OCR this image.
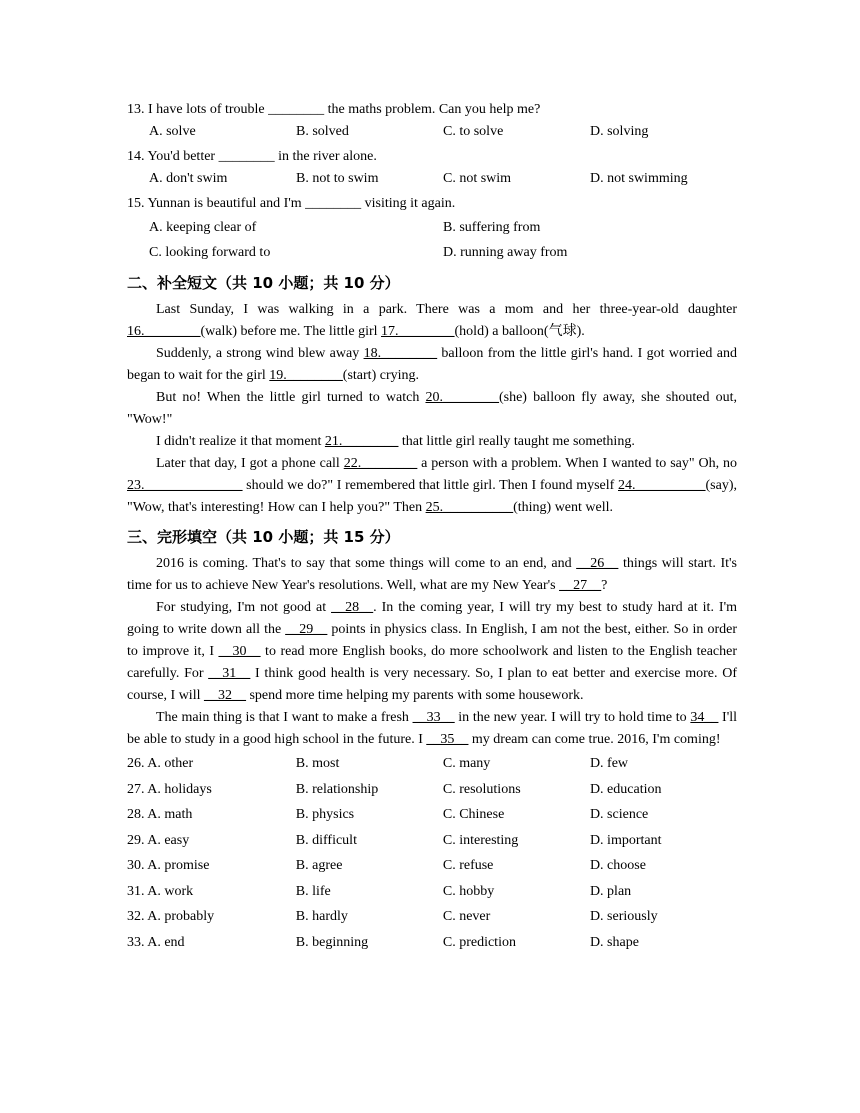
13. I have lots of trouble ________ the maths problem. Can you help me?

A. solve	B. solved	C. to solve	D. solving

14. You'd better ________ in the river alone.

A. don't swim	B. not to swim	C. not swim	D. not swimming

15. Yunnan is beautiful and I'm ________ visiting it again.

A. keeping clear of	B. suffering from
C. looking forward to	D. running away from
二、补全短文（共 10 小题；共 10 分）

Last Sunday, I was walking in a park. There was a mom and her three-year-old daughter 16.________(walk) before me. The little girl 17.________(hold) a balloon(气球).

Suddenly, a strong wind blew away 18.________ balloon from the little girl's hand. I got worried and began to wait for the girl 19.________(start) crying.

But no! When the little girl turned to watch 20.________(she) balloon fly away, she shouted out, "Wow!"

I didn't realize it that moment 21.________ that little girl really taught me something.

Later that day, I got a phone call 22.________ a person with a problem. When I wanted to say" Oh, no 23.______________ should we do?" I remembered that little girl. Then I found myself 24.__________(say), "Wow, that's interesting! How can I help you?" Then 25.__________(thing) went well.

三、完形填空（共 10 小题；共 15 分）

2016 is coming. That's to say that some things will come to an end, and __26__ things will start. It's time for us to achieve New Year's resolutions. Well, what are my New Year's __27__?

For studying, I'm not good at __28__. In the coming year, I will try my best to study hard at it. I'm going to write down all the __29__ points in physics class. In English, I am not the best, either. So in order to improve it, I __30__ to read more English books, do more schoolwork and listen to the English teacher carefully. For __31__ I think good health is very necessary. So, I plan to eat better and exercise more. Of course, I will __32__ spend more time helping my parents with some housework.

The main thing is that I want to make a fresh __33__ in the new year. I will try to hold time to 34__ I'll be able to study in a good high school in the future. I __35__ my dream can come true. 2016, I'm coming!

26. A. other	B. most	C. many	D. few
27. A. holidays	B. relationship	C. resolutions	D. education
28. A. math	B. physics	C. Chinese	D. science
29. A. easy	B. difficult	C. interesting	D. important
30. A. promise	B. agree	C. refuse	D. choose
31. A. work	B. life	C. hobby	D. plan
32. A. probably	B. hardly	C. never	D. seriously
33. A. end	B. beginning	C. prediction	D. shape
